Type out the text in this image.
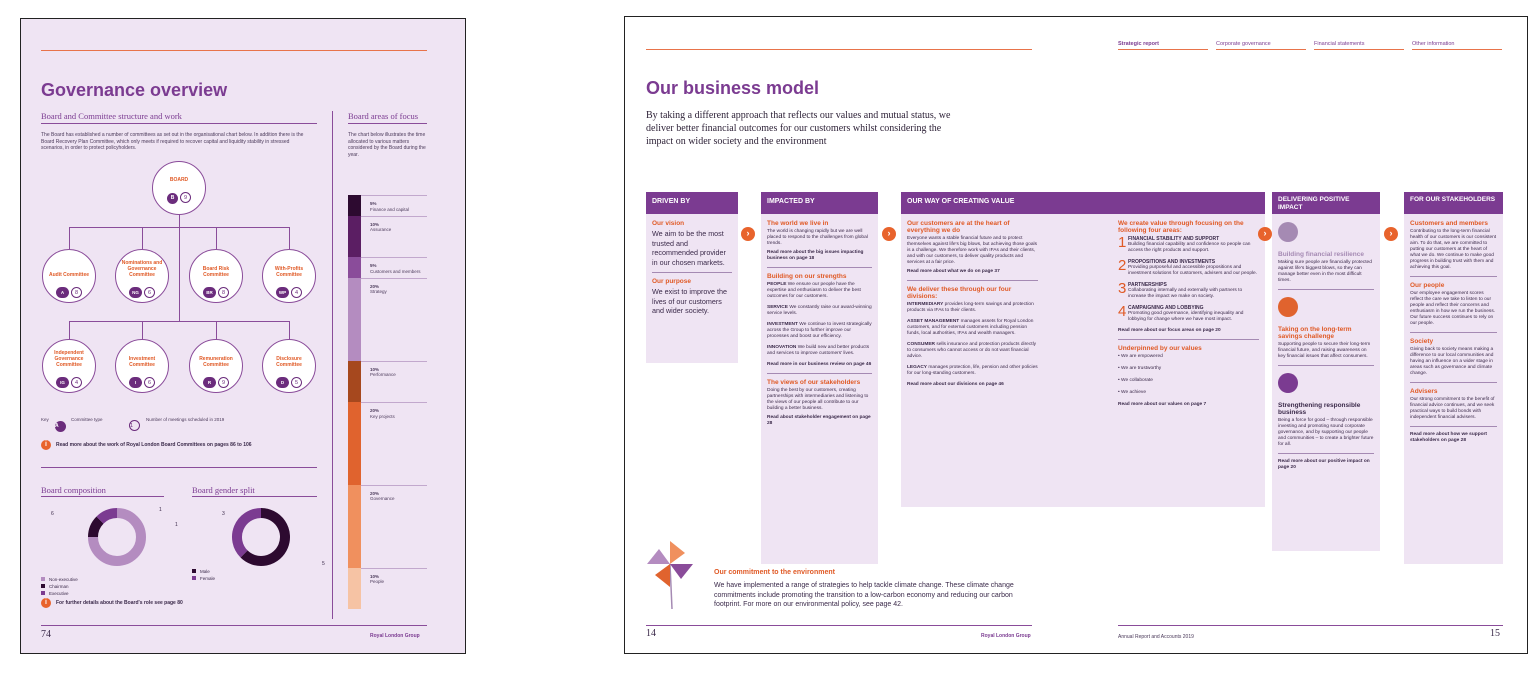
Governance overview
Board and Committee structure and work
The Board has established a number of committees as set out in the organisational chart below. In addition there is the Board Recovery Plan Committee, which only meets if required to recover capital and liquidity stability in stressed scenarios, in order to protect policyholders.
BOARD
B 9
Audit Committee
A 8
Nominations and Governance Committee
NG 6
Board Risk Committee
BR 8
With-Profits Committee
WP 4
Independent Governance Committee
IG 4
Investment Committee
I 6
Remuneration Committee
R 9
Disclosure Committee
D 5
Key
A
Committee type
1
Number of meetings scheduled in 2019
i	Read more about the work of Royal London Board Committees on pages 86 to 106
Board areas of focus
The chart below illustrates the time allocated to various matters considered by the Board during the year.
5%
Finance and capital
10%
Assurance
5%
Customers and members
20%
Strategy
10%
Performance
20%
Key projects
20%
Governance
10%
People
Board composition
6
1
1
Non-executive
Chairman
Executive
Board gender split
3
5
Male
Female
i	For further details about the Board's role see page 80
74	Royal London Group
Our business model
By taking a different approach that reflects our values and mutual status, we deliver better financial outcomes for our customers whilst considering the impact on wider society and the environment
DRIVEN BY
Our vision
We aim to be the most trusted and recommended provider in our chosen markets.
Our purpose
We exist to improve the lives of our customers and wider society.
›
IMPACTED BY
The world we live in
The world is changing rapidly but we are well placed to respond to the challenges from global trends.
Read more about the big issues impacting business on page 18
Building on our strengths
PEOPLE We ensure our people have the expertise and enthusiasm to deliver the best outcomes for our customers.
SERVICE We constantly raise our award-winning service levels.
INVESTMENT We continue to invest strategically across the Group to further improve our processes and boost our efficiency.
INNOVATION We build new and better products and services to improve customers' lives.
Read more in our business review on page 46
The views of our stakeholders
Doing the best by our customers, creating partnerships with intermediaries and listening to the views of our people all contribute to our building a better business.
Read about stakeholder engagement on page 28
›
OUR WAY OF CREATING VALUE
Our customers are at the heart of everything we do
Everyone wants a stable financial future and to protect themselves against life's big blows, but achieving those goals is a challenge. We therefore work with IFAs and their clients, and with our customers, to deliver quality products and services at a fair price.
Read more about what we do on page 37
We deliver these through our four divisions:
INTERMEDIARY provides long-term savings and protection products via IFAs to their clients.
ASSET MANAGEMENT manages assets for Royal London customers, and for external customers including pension funds, local authorities, IFAs and wealth managers.
CONSUMER sells insurance and protection products directly to consumers who cannot access or do not want financial advice.
LEGACY manages protection, life, pension and other policies for our long-standing customers.
Read more about our divisions on page 46
Our commitment to the environment
We have implemented a range of strategies to help tackle climate change. These climate change commitments include promoting the transition to a low-carbon economy and reducing our carbon footprint. For more on our environmental policy, see page 42.
14	Royal London Group
Strategic report	Corporate governance	Financial statements	Other information
We create value through focusing on the following four areas:
1 FINANCIAL STABILITY AND SUPPORT
Building financial capability and confidence so people can access the right products and support.
2 PROPOSITIONS AND INVESTMENTS
Providing purposeful and accessible propositions and investment solutions for customers, advisers and our people.
3 PARTNERSHIPS
Collaborating internally and externally with partners to increase the impact we make on society.
4 CAMPAIGNING AND LOBBYING
Promoting good governance, identifying inequality and lobbying for change where we have most impact.
Read more about our focus areas on page 20
Underpinned by our values
• We are empowered
• We are trustworthy
• We collaborate
• We achieve
Read more about our values on page 7
›
DELIVERING POSITIVE IMPACT
Building financial resilience
Making sure people are financially protected against life's biggest blows, so they can manage better even in the most difficult times.
Taking on the long-term savings challenge
Supporting people to secure their long-term financial future, and raising awareness on key financial issues that affect consumers.
Strengthening responsible business
Being a force for good – through responsible investing and promoting sound corporate governance, and by supporting our people and communities – to create a brighter future for all.
Read more about our positive impact on page 20
›
FOR OUR STAKEHOLDERS
Customers and members
Contributing to the long-term financial health of our customers is our consistent aim. To do that, we are committed to putting our customers at the heart of what we do. We continue to make good progress in building trust with them and achieving this goal.
Our people
Our employee engagement scores reflect the care we take to listen to our people and reflect their concerns and enthusiasm in how we run the business. Our future success continues to rely on our people.
Society
Giving back to society means making a difference to our local communities and having an influence on a wider stage in areas such as governance and climate change.
Advisers
Our strong commitment to the benefit of financial advice continues, and we seek practical ways to build bonds with independent financial advisers.
Read more about how we support stakeholders on page 28
Annual Report and Accounts 2019	15
